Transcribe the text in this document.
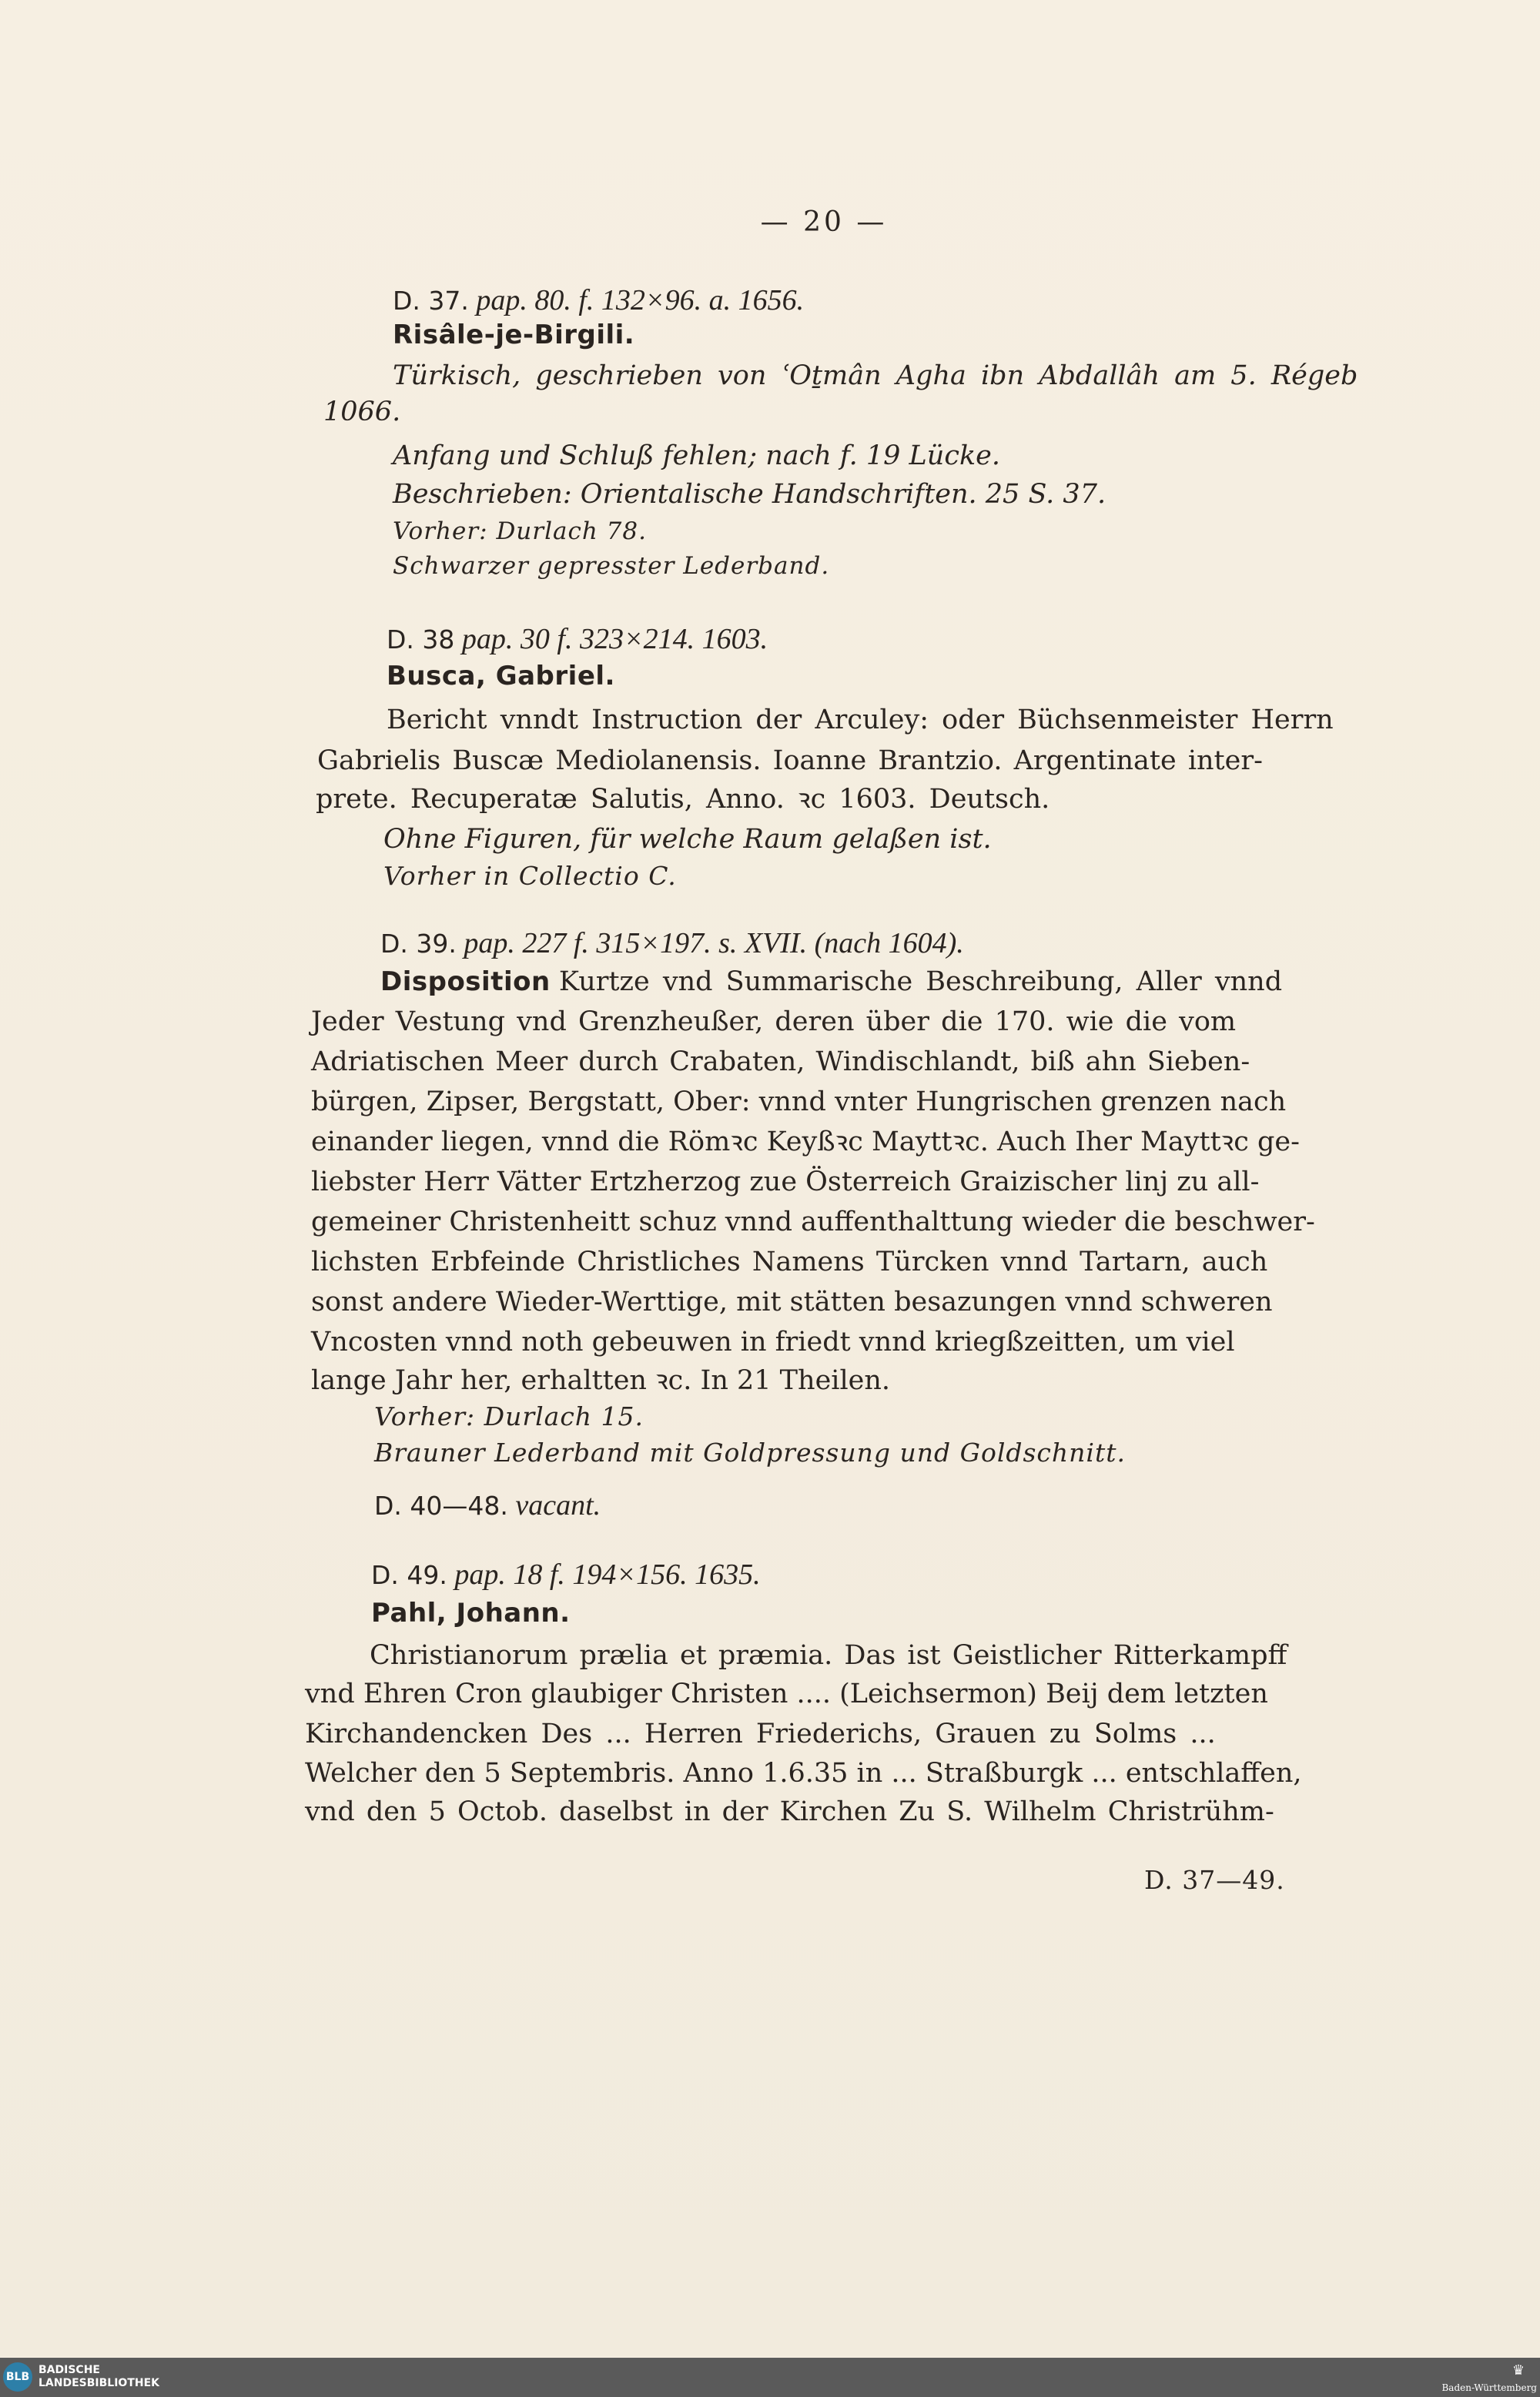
— 20 —
D. 37. pap. 80. f. 132×96. a. 1656.
Risâle-je-Birgili.
Türkisch, geschrieben von ʿOṯmân Agha ibn Abdallâh am 5. Régeb
1066.
Anfang und Schluß fehlen; nach f. 19 Lücke.
Beschrieben: Orientalische Handschriften. 25 S. 37.
Vorher: Durlach 78.
Schwarzer gepresster Lederband.
D. 38 pap. 30 f. 323×214. 1603.
Busca, Gabriel.
Bericht vnndt Instruction der Arculey: oder Büchsenmeister Herrn
Gabrielis Buscæ Mediolanensis. Ioanne Brantzio. Argentinate inter-
prete. Recuperatæ Salutis, Anno. ꝛc 1603. Deutsch.
Ohne Figuren, für welche Raum gelaßen ist.
Vorher in Collectio C.
D. 39. pap. 227 f. 315×197. s. XVII. (nach 1604).
Disposition Kurtze vnd Summarische Beschreibung, Aller vnnd
Jeder Vestung vnd Grenzheußer, deren über die 170. wie die vom
Adriatischen Meer durch Crabaten, Windischlandt, biß ahn Sieben-
bürgen, Zipser, Bergstatt, Ober: vnnd vnter Hungrischen grenzen nach
einander liegen, vnnd die Römꝛc Keyßꝛc Mayttꝛc. Auch Iher Mayttꝛc ge-
liebster Herr Vätter Ertzherzog zue Österreich Graizischer linj zu all-
gemeiner Christenheitt schuz vnnd auffenthalttung wieder die beschwer-
lichsten Erbfeinde Christliches Namens Türcken vnnd Tartarn, auch
sonst andere Wieder-Werttige, mit stätten besazungen vnnd schweren
Vncosten vnnd noth gebeuwen in friedt vnnd kriegßzeitten, um viel
lange Jahr her, erhaltten ꝛc. In 21 Theilen.
Vorher: Durlach 15.
Brauner Lederband mit Goldpressung und Goldschnitt.
D. 40—48. vacant.
D. 49. pap. 18 f. 194×156. 1635.
Pahl, Johann.
Christianorum prælia et præmia. Das ist Geistlicher Ritterkampff
vnd Ehren Cron glaubiger Christen .... (Leichsermon) Beij dem letzten
Kirchandencken Des ... Herren Friederichs, Grauen zu Solms ...
Welcher den 5 Septembris. Anno 1.6.35 in ... Straßburgk ... entschlaffen,
vnd den 5 Octob. daselbst in der Kirchen Zu S. Wilhelm Christrühm-
D. 37—49.
BLB
BADISCHE
LANDESBIBLIOTHEK
♛
Baden-Württemberg
